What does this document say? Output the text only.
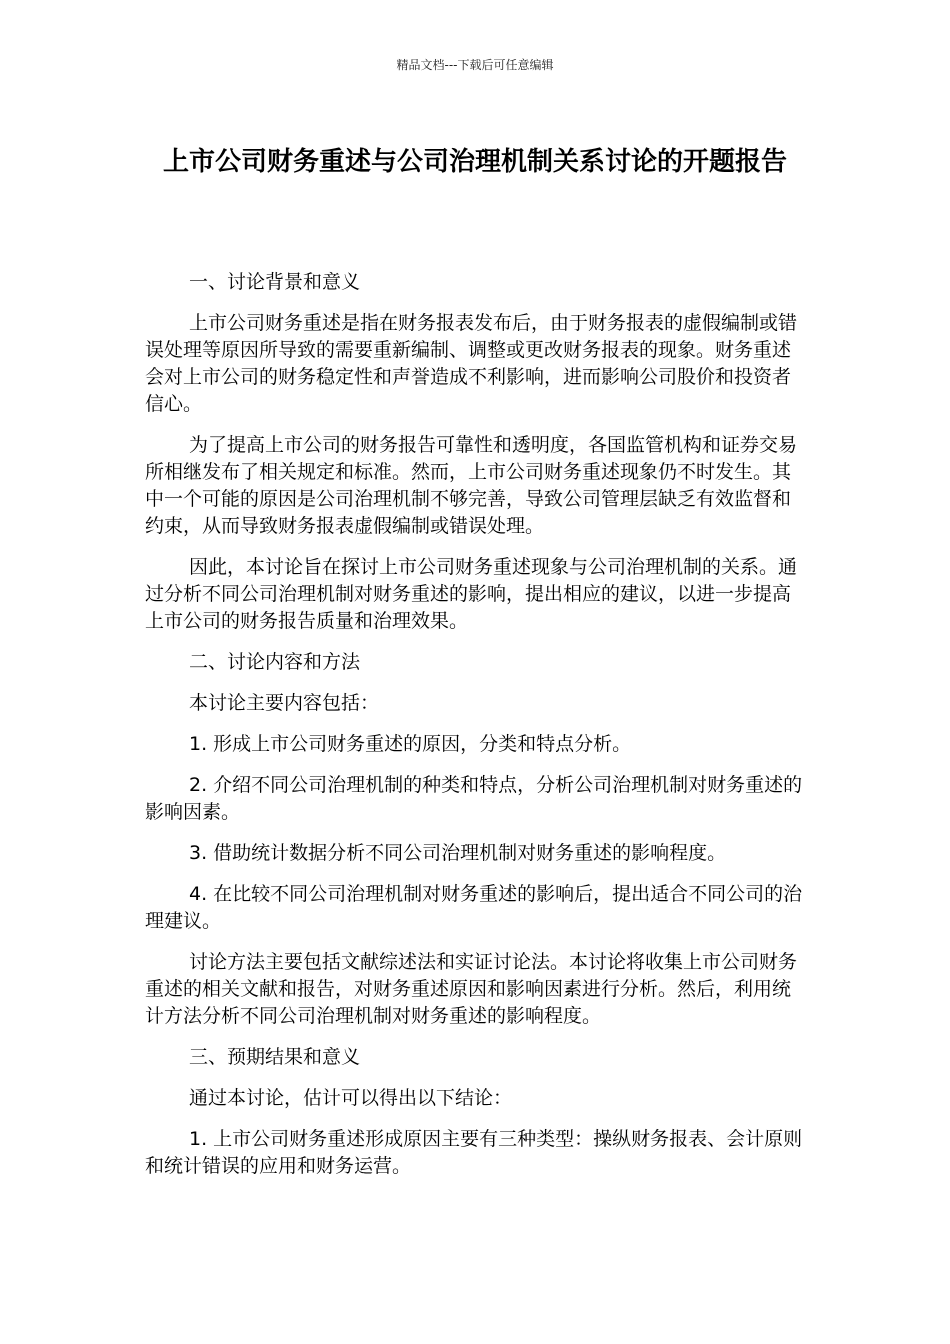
精品文档---下载后可任意编辑
上市公司财务重述与公司治理机制关系讨论的开题报告

一、讨论背景和意义

上市公司财务重述是指在财务报表发布后，由于财务报表的虚假编制或错误处理等原因所导致的需要重新编制、调整或更改财务报表的现象。财务重述会对上市公司的财务稳定性和声誉造成不利影响，进而影响公司股价和投资者信心。

为了提高上市公司的财务报告可靠性和透明度，各国监管机构和证券交易所相继发布了相关规定和标准。然而，上市公司财务重述现象仍不时发生。其中一个可能的原因是公司治理机制不够完善，导致公司管理层缺乏有效监督和约束，从而导致财务报表虚假编制或错误处理。

因此，本讨论旨在探讨上市公司财务重述现象与公司治理机制的关系。通过分析不同公司治理机制对财务重述的影响，提出相应的建议，以进一步提高上市公司的财务报告质量和治理效果。

二、讨论内容和方法

本讨论主要内容包括：

1. 形成上市公司财务重述的原因，分类和特点分析。

2. 介绍不同公司治理机制的种类和特点，分析公司治理机制对财务重述的影响因素。

3. 借助统计数据分析不同公司治理机制对财务重述的影响程度。

4. 在比较不同公司治理机制对财务重述的影响后，提出适合不同公司的治理建议。

讨论方法主要包括文献综述法和实证讨论法。本讨论将收集上市公司财务重述的相关文献和报告，对财务重述原因和影响因素进行分析。然后，利用统计方法分析不同公司治理机制对财务重述的影响程度。

三、预期结果和意义

通过本讨论，估计可以得出以下结论：

1. 上市公司财务重述形成原因主要有三种类型：操纵财务报表、会计原则和统计错误的应用和财务运营。
